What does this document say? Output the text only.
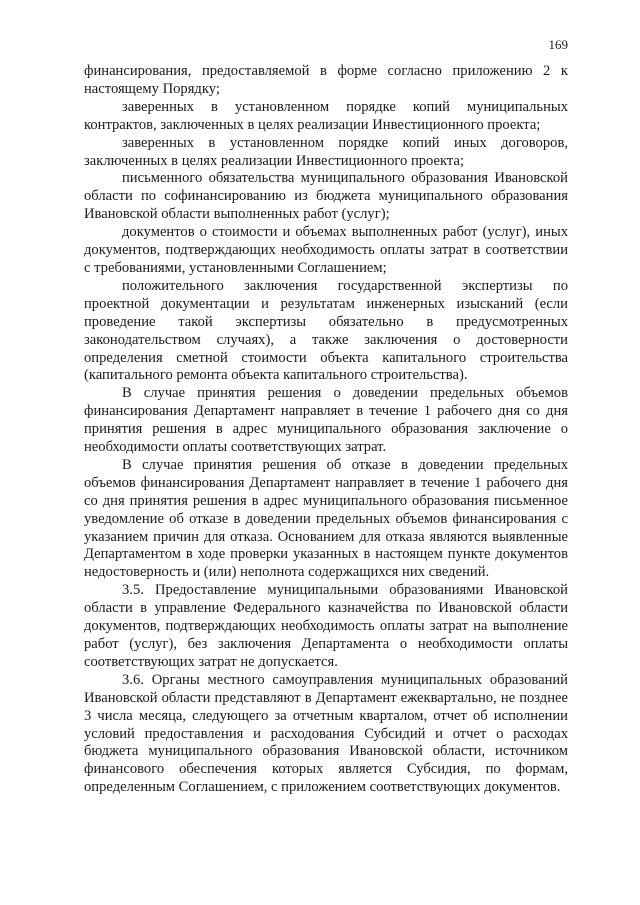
169

финансирования, предоставляемой в форме согласно приложению 2 к настоящему Порядку;

заверенных в установленном порядке копий муниципальных контрактов, заключенных в целях реализации Инвестиционного проекта;

заверенных в установленном порядке копий иных договоров, заключенных в целях реализации Инвестиционного проекта;

письменного обязательства муниципального образования Ивановской области по софинансированию из бюджета муниципального образования Ивановской области выполненных работ (услуг);

документов о стоимости и объемах выполненных работ (услуг), иных документов, подтверждающих необходимость оплаты затрат в соответствии с требованиями, установленными Соглашением;

положительного заключения государственной экспертизы по проектной документации и результатам инженерных изысканий (если проведение такой экспертизы обязательно в предусмотренных законодательством случаях), а также заключения о достоверности определения сметной стоимости объекта капитального строительства (капитального ремонта объекта капитального строительства).

В случае принятия решения о доведении предельных объемов финансирования Департамент направляет в течение 1 рабочего дня со дня принятия решения в адрес муниципального образования заключение о необходимости оплаты соответствующих затрат.

В случае принятия решения об отказе в доведении предельных объемов финансирования Департамент направляет в течение 1 рабочего дня со дня принятия решения в адрес муниципального образования письменное уведомление об отказе в доведении предельных объемов финансирования с указанием причин для отказа. Основанием для отказа являются выявленные Департаментом в ходе проверки указанных в настоящем пункте документов недостоверность и (или) неполнота содержащихся них сведений.

3.5. Предоставление муниципальными образованиями Ивановской области в управление Федерального казначейства по Ивановской области документов, подтверждающих необходимость оплаты затрат на выполнение работ (услуг), без заключения Департамента о необходимости оплаты соответствующих затрат не допускается.

3.6. Органы местного самоуправления муниципальных образований Ивановской области представляют в Департамент ежеквартально, не позднее 3 числа месяца, следующего за отчетным кварталом, отчет об исполнении условий предоставления и расходования Субсидий и отчет о расходах бюджета муниципального образования Ивановской области, источником финансового обеспечения которых является Субсидия, по формам, определенным Соглашением, с приложением соответствующих документов.
